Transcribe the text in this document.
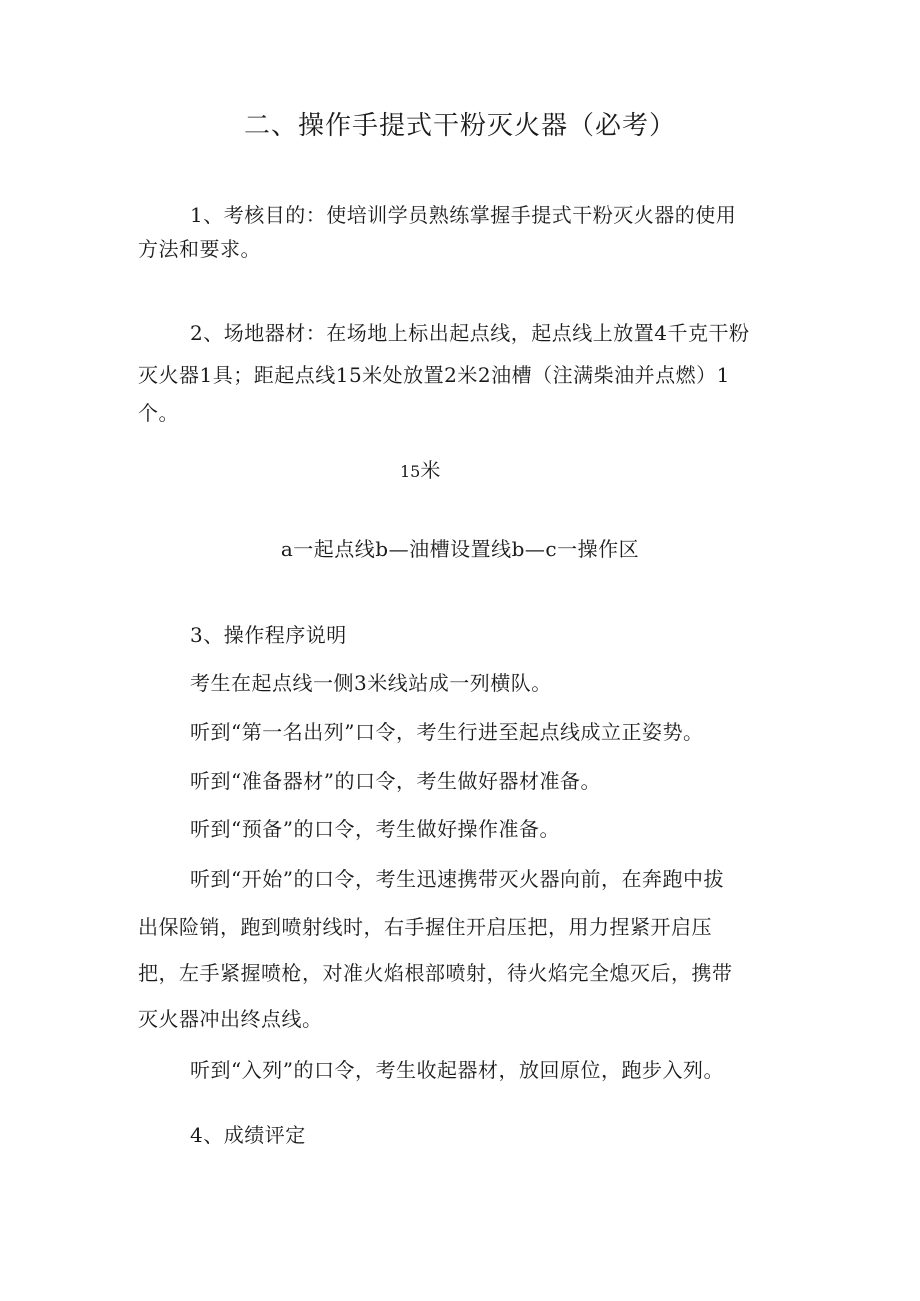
二、操作手提式干粉灭火器（必考）
1、考核目的：使培训学员熟练掌握手提式干粉灭火器的使用
方法和要求。
2、场地器材：在场地上标出起点线，起点线上放置4千克干粉
灭火器1具；距起点线15米处放置2米2油槽（注满柴油并点燃）1
个。
15米
a一起点线b—油槽设置线b—c一操作区
3、操作程序说明
考生在起点线一侧3米线站成一列横队。
听到“第一名出列”口令，考生行进至起点线成立正姿势。
听到“准备器材”的口令，考生做好器材准备。
听到“预备”的口令，考生做好操作准备。
听到“开始”的口令，考生迅速携带灭火器向前，在奔跑中拔
出保险销，跑到喷射线时，右手握住开启压把，用力捏紧开启压
把，左手紧握喷枪，对准火焰根部喷射，待火焰完全熄灭后，携带
灭火器冲出终点线。
听到“入列”的口令，考生收起器材，放回原位，跑步入列。
4、成绩评定
